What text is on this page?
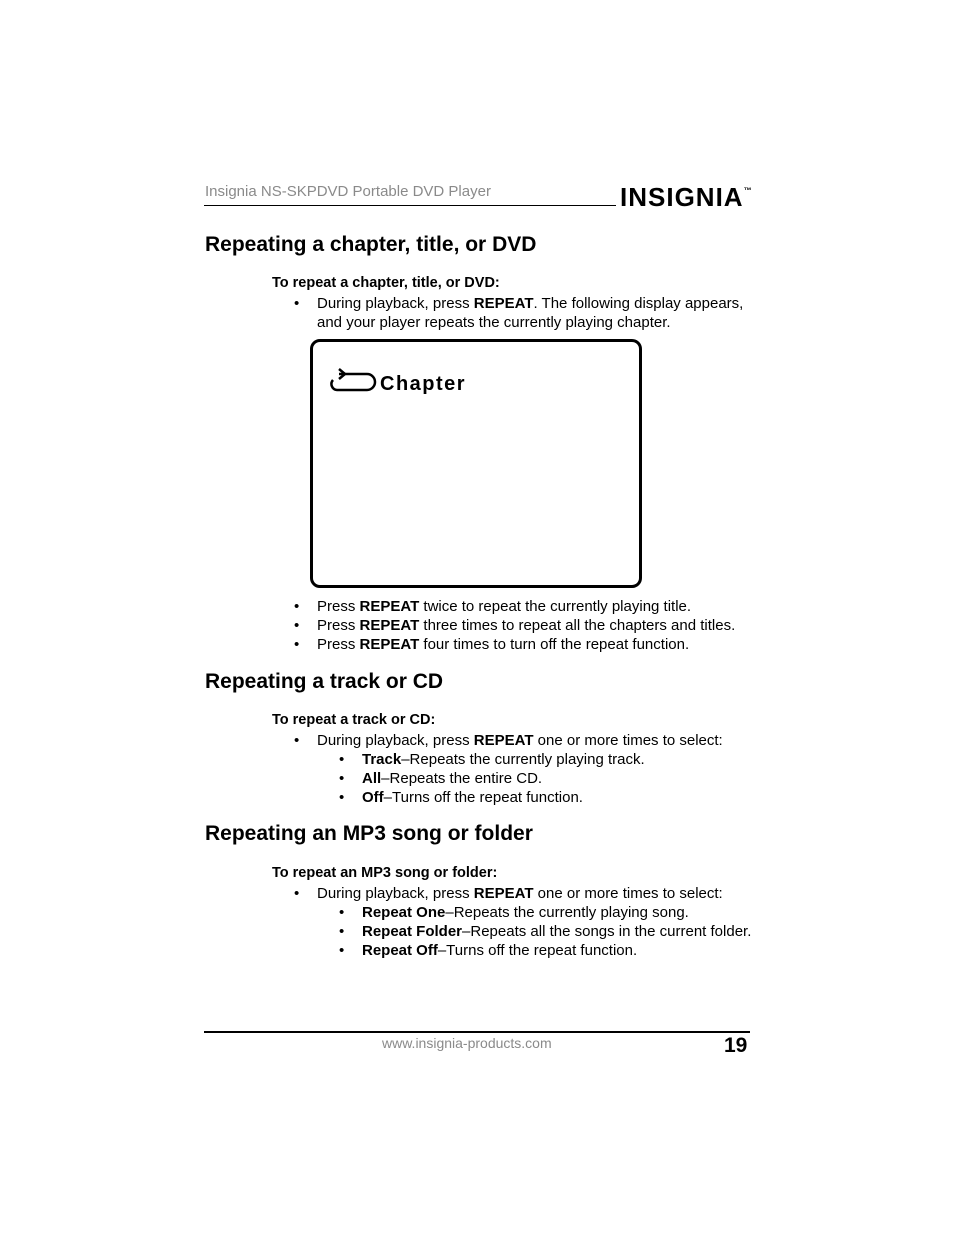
Insignia NS-SKPDVD Portable DVD Player	INSIGNIA™
Repeating a chapter, title, or DVD

To repeat a chapter, title, or DVD:

• During playback, press REPEAT. The following display appears, and your player repeats the currently playing chapter.
Chapter
• Press REPEAT twice to repeat the currently playing title.
• Press REPEAT three times to repeat all the chapters and titles.
• Press REPEAT four times to turn off the repeat function.
Repeating a track or CD

To repeat a track or CD:

• During playback, press REPEAT one or more times to select:
• Track–Repeats the currently playing track.
• All–Repeats the entire CD.
• Off–Turns off the repeat function.
Repeating an MP3 song or folder

To repeat an MP3 song or folder:

• During playback, press REPEAT one or more times to select:
• Repeat One–Repeats the currently playing song.
• Repeat Folder–Repeats all the songs in the current folder.
• Repeat Off–Turns off the repeat function.
www.insignia-products.com	19
